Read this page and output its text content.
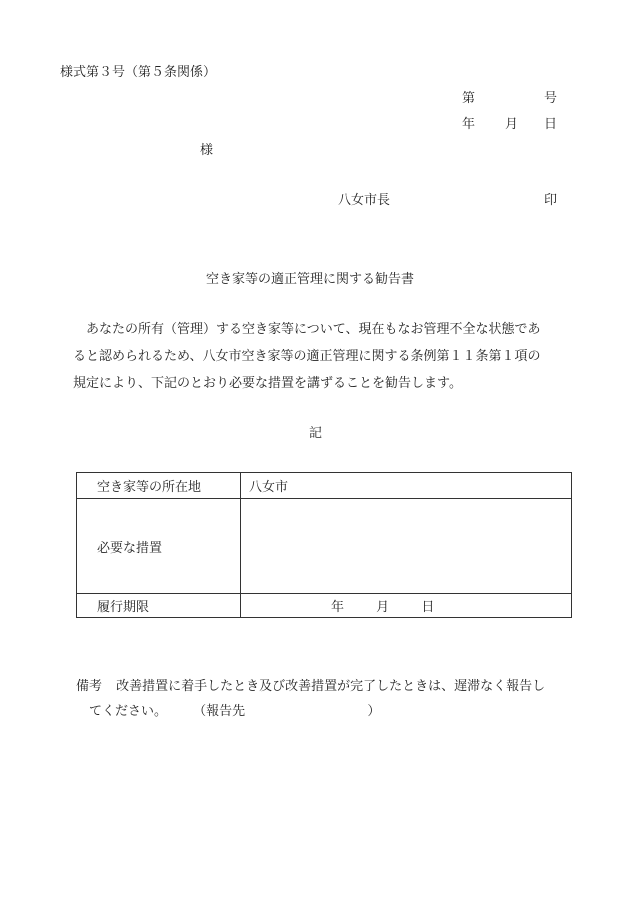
様式第３号（第５条関係）
第	号
年 月 日
様
八女市長	印
空き家等の適正管理に関する勧告書

あなたの所有（管理）する空き家等について、現在もなお管理不全な状態であ

ると認められるため、八女市空き家等の適正管理に関する条例第１１条第１項の

規定により、下記のとおり必要な措置を講ずることを勧告します。

記
空き家等の所在地	八女市
必要な措置	
履行期限	年 月 日
備考 改善措置に着手したとき及び改善措置が完了したときは、遅滞なく報告し
てください。 （報告先	）
